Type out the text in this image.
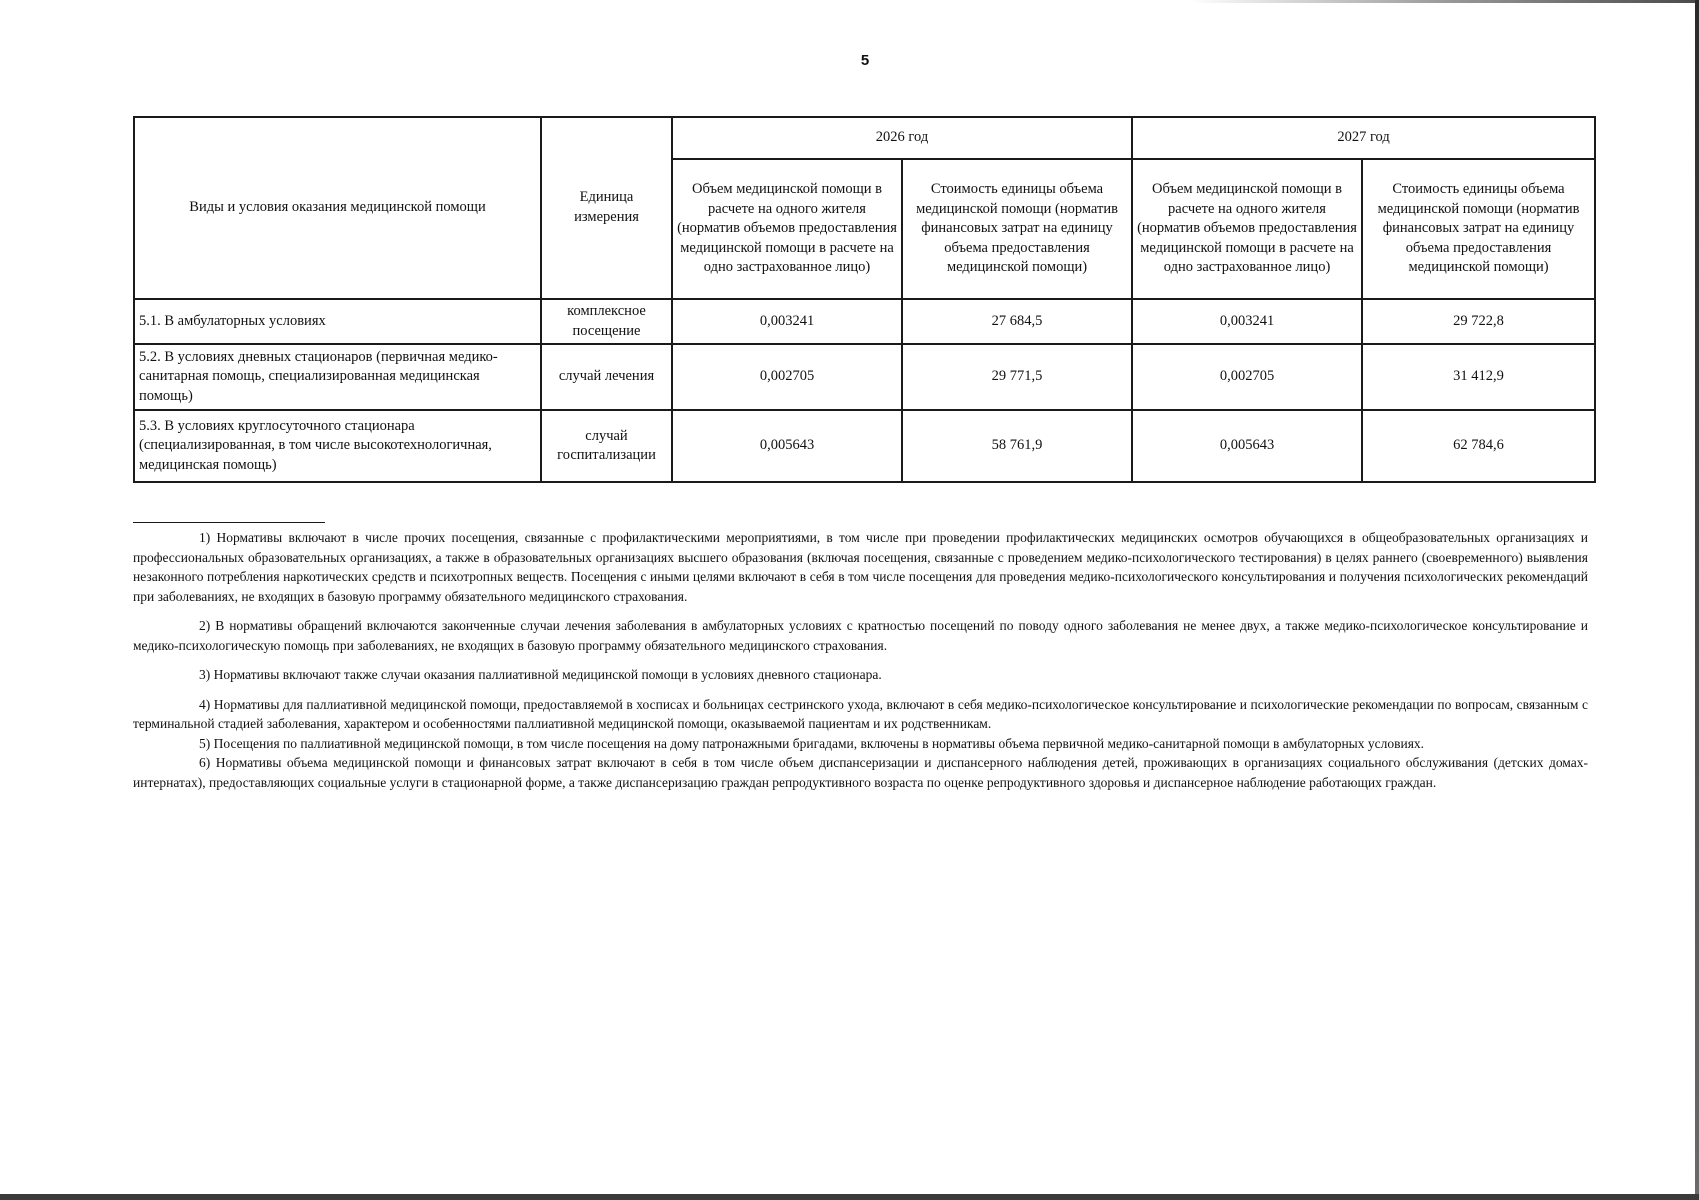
5
Виды и условия оказания медицинской помощи	Единица измерения	2026 год		2027 год	
		Объем медицинской помощи в расчете на одного жителя (норматив объемов предоставления медицинской помощи в расчете на одно застрахованное лицо)	Стоимость единицы объема медицинской помощи (норматив финансовых затрат на единицу объема предоставления медицинской помощи)	Объем медицинской помощи в расчете на одного жителя (норматив объемов предоставления медицинской помощи в расчете на одно застрахованное лицо)	Стоимость единицы объема медицинской помощи (норматив финансовых затрат на единицу объема предоставления медицинской помощи)
5.1. В амбулаторных условиях	комплексное посещение	0,003241	27 684,5	0,003241	29 722,8
5.2. В условиях дневных стационаров (первичная медико-санитарная помощь, специализированная медицинская помощь)	случай лечения	0,002705	29 771,5	0,002705	31 412,9
5.3. В условиях круглосуточного стационара (специализированная, в том числе высокотехнологичная, медицинская помощь)	случай госпитализации	0,005643	58 761,9	0,005643	62 784,6

1) Нормативы включают в числе прочих посещения, связанные с профилактическими мероприятиями, в том числе при проведении профилактических медицинских осмотров обучающихся в общеобразовательных организациях и профессиональных образовательных организациях, а также в образовательных организациях высшего образования (включая посещения, связанные с проведением медико-психологического тестирования) в целях раннего (своевременного) выявления незаконного потребления наркотических средств и психотропных веществ. Посещения с иными целями включают в себя в том числе посещения для проведения медико-психологического консультирования и получения психологических рекомендаций при заболеваниях, не входящих в базовую программу обязательного медицинского страхования.

2) В нормативы обращений включаются законченные случаи лечения заболевания в амбулаторных условиях с кратностью посещений по поводу одного заболевания не менее двух, а также медико-психологическое консультирование и медико-психологическую помощь при заболеваниях, не входящих в базовую программу обязательного медицинского страхования.

3) Нормативы включают также случаи оказания паллиативной медицинской помощи в условиях дневного стационара.

4) Нормативы для паллиативной медицинской помощи, предоставляемой в хосписах и больницах сестринского ухода, включают в себя медико-психологическое консультирование и психологические рекомендации по вопросам, связанным с терминальной стадией заболевания, характером и особенностями паллиативной медицинской помощи, оказываемой пациентам и их родственникам.

5) Посещения по паллиативной медицинской помощи, в том числе посещения на дому патронажными бригадами, включены в нормативы объема первичной медико-санитарной помощи в амбулаторных условиях.

6) Нормативы объема медицинской помощи и финансовых затрат включают в себя в том числе объем диспансеризации и диспансерного наблюдения детей, проживающих в организациях социального обслуживания (детских домах-интернатах), предоставляющих социальные услуги в стационарной форме, а также диспансеризацию граждан репродуктивного возраста по оценке репродуктивного здоровья и диспансерное наблюдение работающих граждан.
